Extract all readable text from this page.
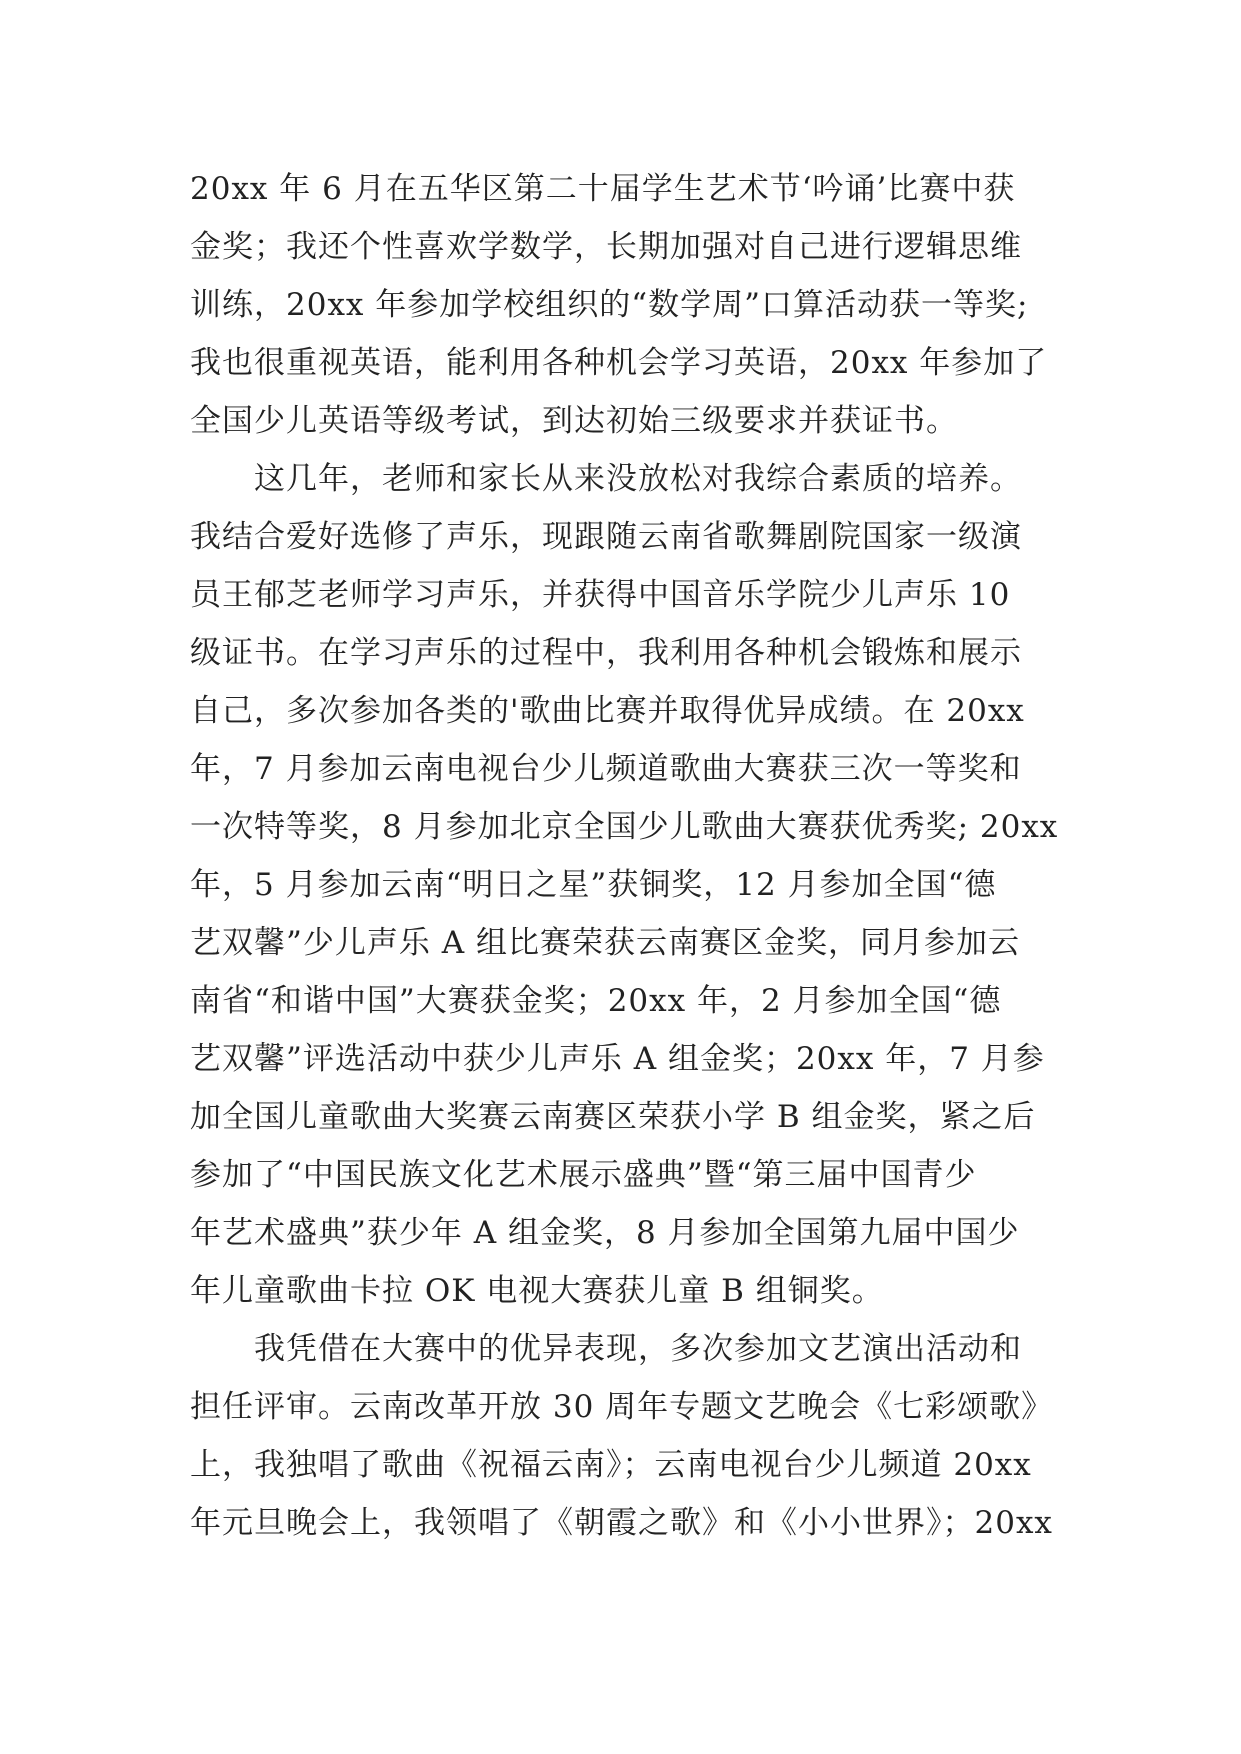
20xx 年 6 月在五华区第二十届学生艺术节‘吟诵’比赛中获
金奖；我还个性喜欢学数学，长期加强对自己进行逻辑思维
训练，20xx 年参加学校组织的“数学周”口算活动获一等奖;
我也很重视英语，能利用各种机会学习英语，20xx 年参加了
全国少儿英语等级考试，到达初始三级要求并获证书。
　　这几年，老师和家长从来没放松对我综合素质的培养。
我结合爱好选修了声乐，现跟随云南省歌舞剧院国家一级演
员王郁芝老师学习声乐，并获得中国音乐学院少儿声乐 10
级证书。在学习声乐的过程中，我利用各种机会锻炼和展示
自己，多次参加各类的'歌曲比赛并取得优异成绩。在 20xx
年，7 月参加云南电视台少儿频道歌曲大赛获三次一等奖和
一次特等奖，8 月参加北京全国少儿歌曲大赛获优秀奖; 20xx
年，5 月参加云南“明日之星”获铜奖，12 月参加全国“德
艺双馨”少儿声乐 A 组比赛荣获云南赛区金奖，同月参加云
南省“和谐中国”大赛获金奖；20xx 年，2 月参加全国“德
艺双馨”评选活动中获少儿声乐 A 组金奖；20xx 年，7 月参
加全国儿童歌曲大奖赛云南赛区荣获小学 B 组金奖，紧之后
参加了“中国民族文化艺术展示盛典”暨“第三届中国青少
年艺术盛典”获少年 A 组金奖，8 月参加全国第九届中国少
年儿童歌曲卡拉 OK 电视大赛获儿童 B 组铜奖。
　　我凭借在大赛中的优异表现，多次参加文艺演出活动和
担任评审。云南改革开放 30 周年专题文艺晚会《七彩颂歌》
上，我独唱了歌曲《祝福云南》；云南电视台少儿频道 20xx
年元旦晚会上，我领唱了《朝霞之歌》和《小小世界》；20xx
